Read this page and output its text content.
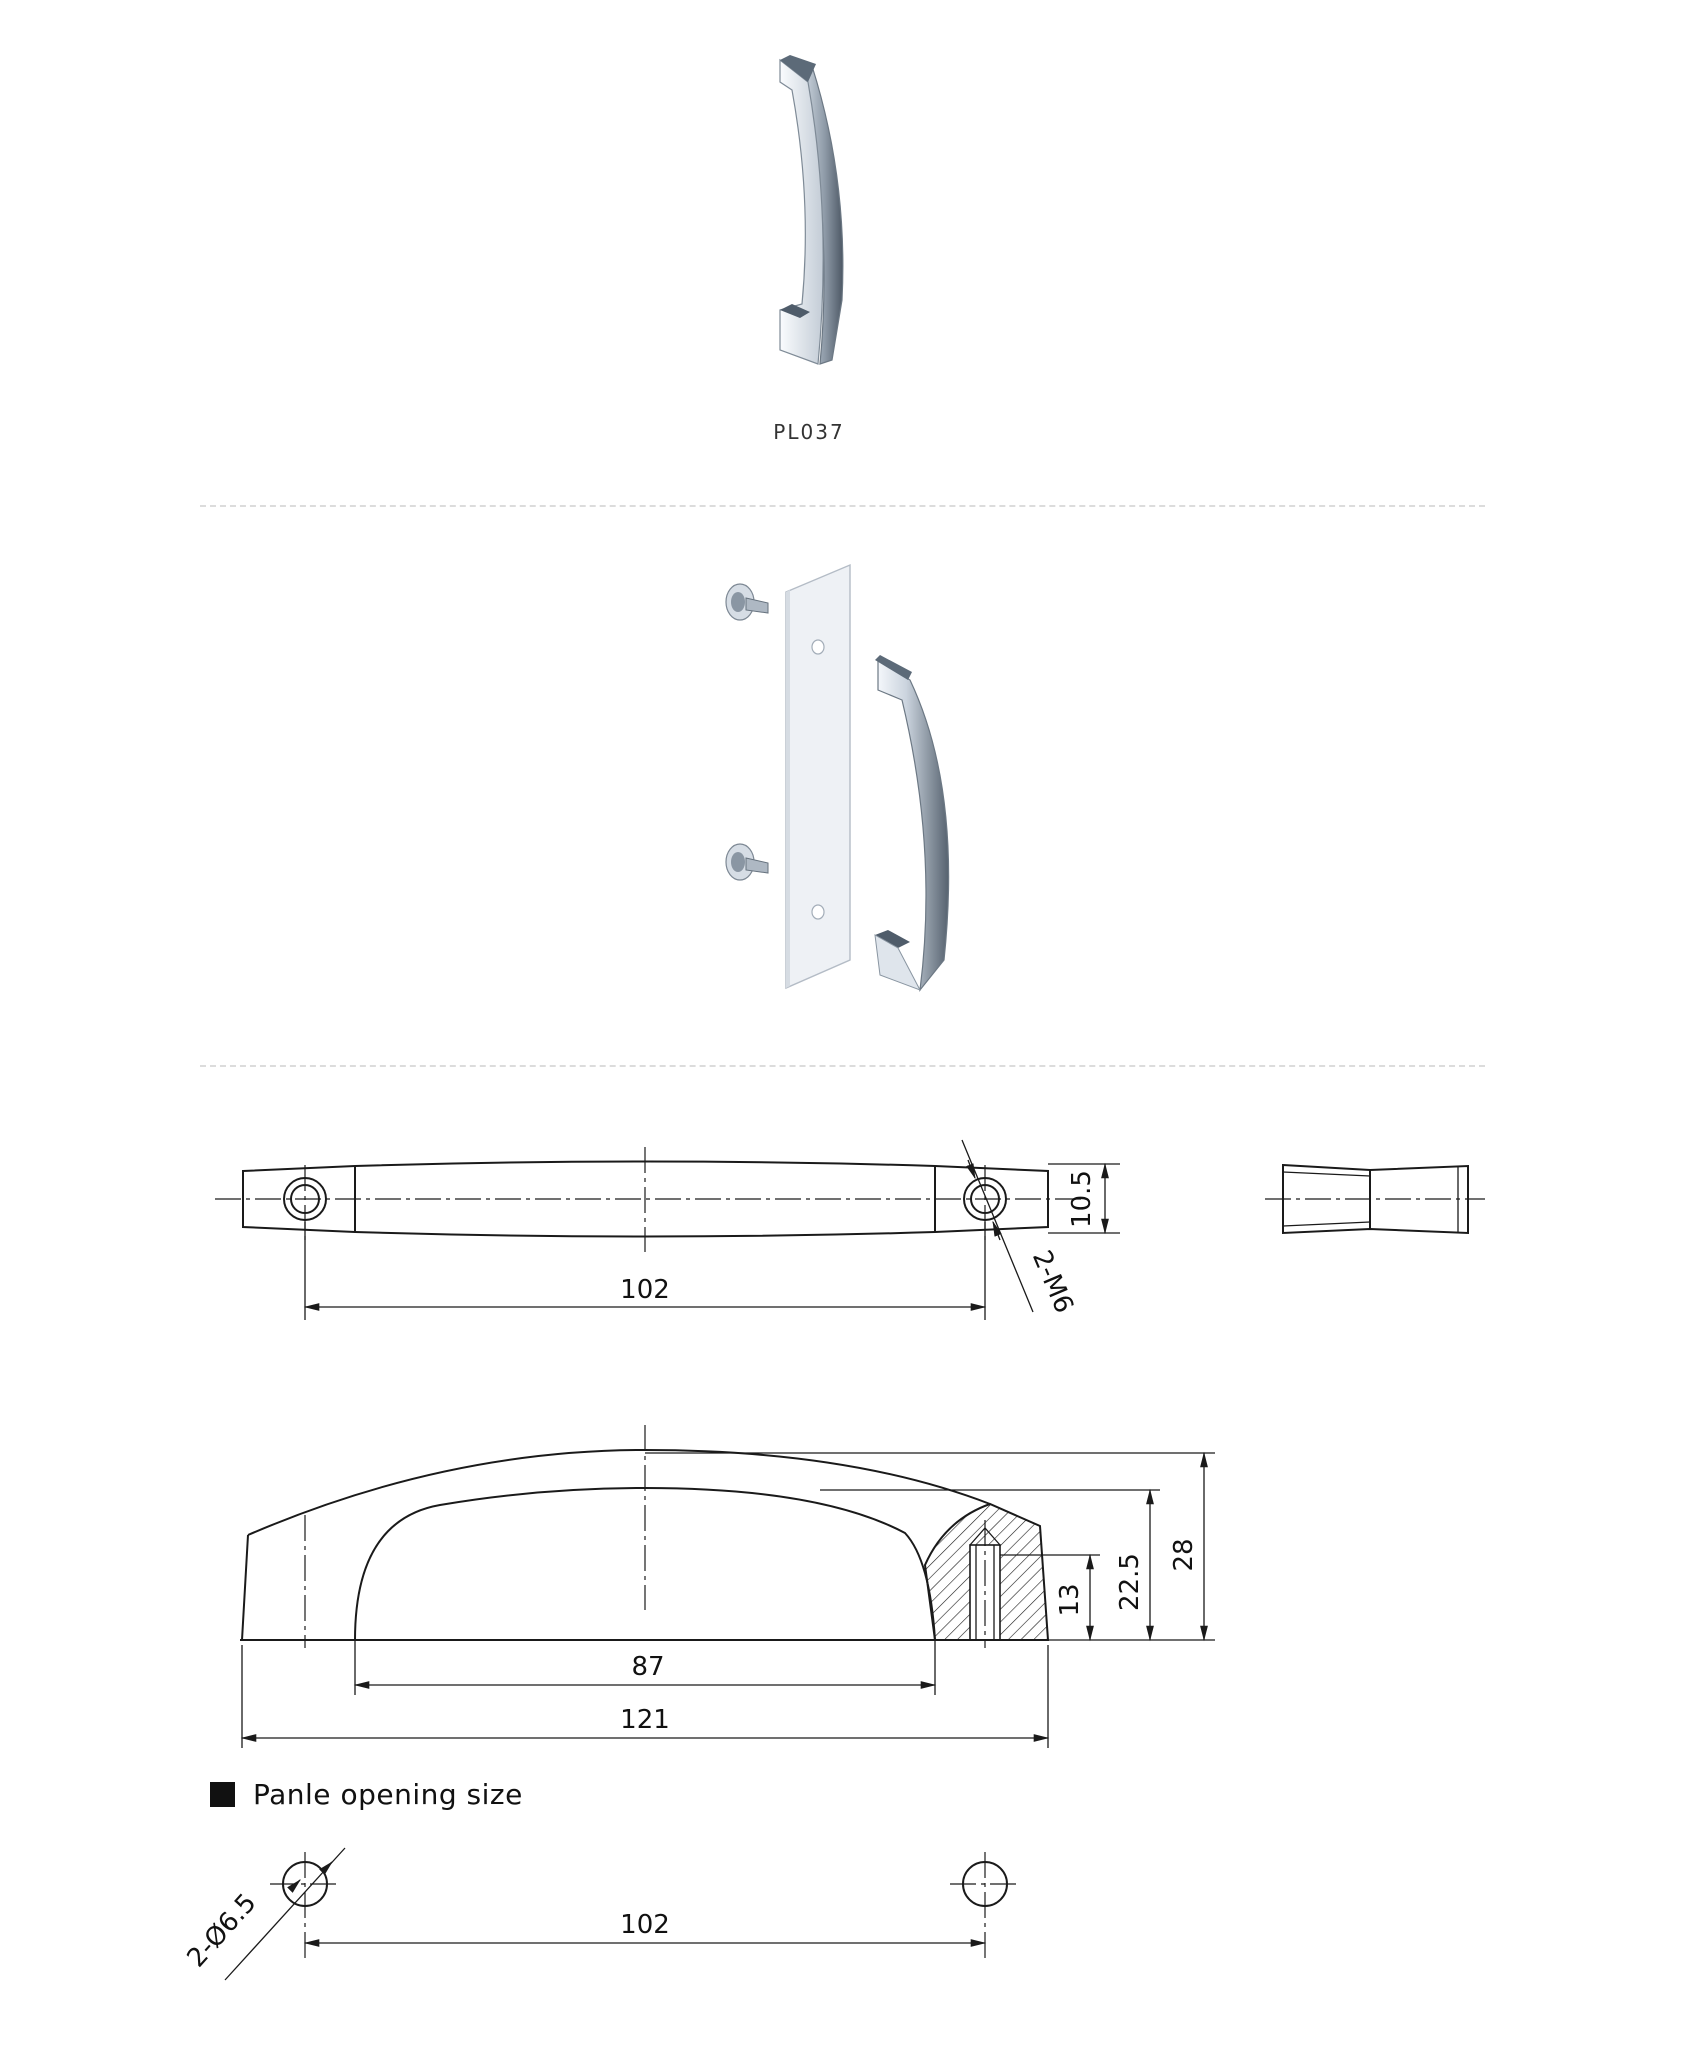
PL037
102
10.5
2-M6
87
121
13 22.5 28
102
2-Ø6.5
Panle opening size
